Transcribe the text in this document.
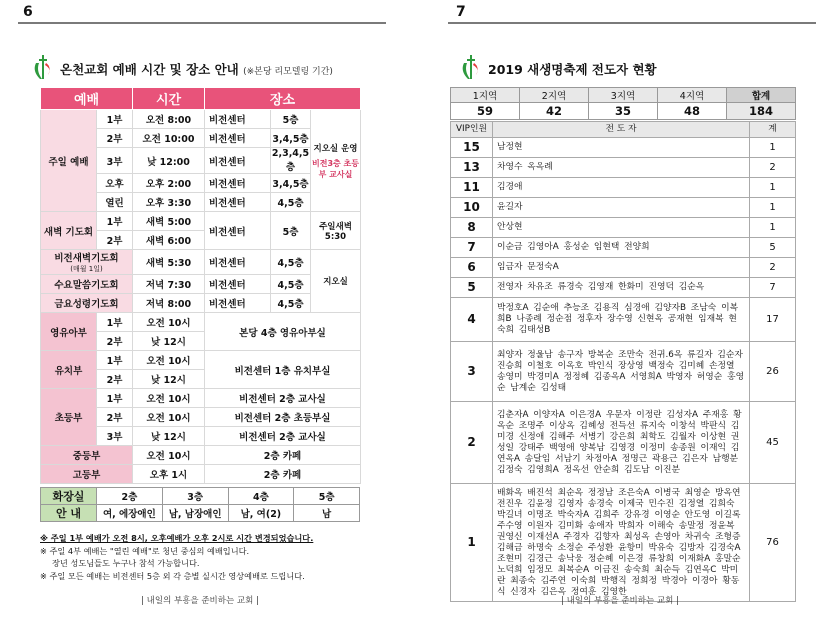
6
온천교회 예배 시간 및 장소 안내 (※본당 리모델링 기간)
예배		시간	장소		
주일 예배	1부	오전 8:00	비전센터	5층	지오실 운영
비전3층 초등부 교사실

	2부	오전 10:00	비전센터	3,4,5층	
	3부	낮 12:00	비전센터	2,3,4,5층	
	오후	오후 2:00	비전센터	3,4,5층	
	열린	오후 3:30	비전센터	4,5층	
새벽 기도회	1부	새벽 5:00	비전센터	5층	주일새벽 5:30
	2부	새벽 6:00			

비전새벽기도회
(매월 1일)		새벽 5:30	비전센터	4,5층	지오실
수요말씀기도회		저녁 7:30	비전센터	4,5층	
금요성령기도회		저녁 8:00	비전센터	4,5층	
영유아부	1부	오전 10시	본당 4층 영유아부실		
	2부	낮 12시			
유치부	1부	오전 10시	비전센터 1층 유치부실		
	2부	낮 12시			
초등부	1부	오전 10시	비전센터 2층 교사실		
	2부	오전 10시	비전센터 2층 초등부실		
	3부	낮 12시	비전센터 2층 교사실		
중등부		오전 10시	2층 카페		
고등부		오후 1시	2층 카페		
화장실	2층	3층	4층	5층
안 내	여, 에장애인	남, 남장애인	남, 여(2)	남
※ 주일 1부 예배가 오전 8시, 오후예배가 오후 2시로 시간 변경되었습니다.
※ 주일 4부 예배는 "열린 예배"로 청년 중심의 예배입니다.
장년 성도님들도 누구나 참석 가능합니다.
※ 주일 모든 예배는 비전센터 5층 외 각 층별 실시간 영상예배로 드립니다.
| 내일의 부흥을 준비하는 교회 |
7
2019 새생명축제 전도자 현황
1지역	2지역	3지역	4지역	합계
59	42	35	48	184
VIP인원	전 도 자	계
15	남정현	1
13	차영수 옥옥례	2
11	김경애	1
10	윤길자	1
8	안상현	1
7	이순금 김영아A 홍성순 임현택 전양희	5
6	임금자 문정숙A	2
5	전영자 차유조 류경숙 김영재 한화미 진영덕 김순옥	7
4	박정호A 김순애 추능조 김용직 심경애 김양자B 조남숙 이복희B 나종례 정순점 정후자 장수영 신현옥 공재현 임재복 현숙희 김태성B	17
3	최양자 정울남 송구자 방복순 조만숙 전귀.6옥 류길자 김순자 진승희 이철호 이옥호 박인식 장상영 백정숙 김미혜 손정열 송영미 박경미A 정정혜 김종옥A 서영희A 박영자 허영순 홍영순 남계순 김성태	26
2	김춘자A 이양자A 이은경A 우문자 이정란 김성자A 주재홍 황옥순 조명주 이상옥 김혜성 전득선 류지숙 이창석 박판식 김미경 신정애 김해주 서병기 강은희 최학도 김월자 이상현 권성일 강태주 백영애 양복남 김영경 이정미 송종원 이재익 김연옥A 송달임 서남기 차정아A 정명근 곽용근 김은자 남행분 김정숙 김영희A 정옥선 안순희 김도남 이진분	45
1	배화옥 배진석 최순옥 정정남 조은숙A 이병국 최영순 방옥연 전진우 김윤정 김영자 송경숙 이제국 민수진 김정열 김희숙 박길녀 이명조 박숙자A 김희주 강유경 이영순 안도영 이길록 주수영 이원자 김미화 송애자 박희자 이해숙 송말정 정윤복 권영신 이재선A 주경자 김향자 최성옥 손영아 차귀숙 조형증 김해금 하명숙 소정순 주성환 윤항미 박유숙 김방자 김경숙A 조현미 김경근 송낙웅 정순혜 이은경 류창희 이재화A 홍말순 노덕희 임정모 최복순A 이금진 송숙희 최순득 김연옥C 박미란 최종숙 김주연 이숙희 박행직 정희정 박경아 이경아 황동식 신경자 김은옥 정여훈 김영한	76
| 내일의 부흥을 준비하는 교회 |
